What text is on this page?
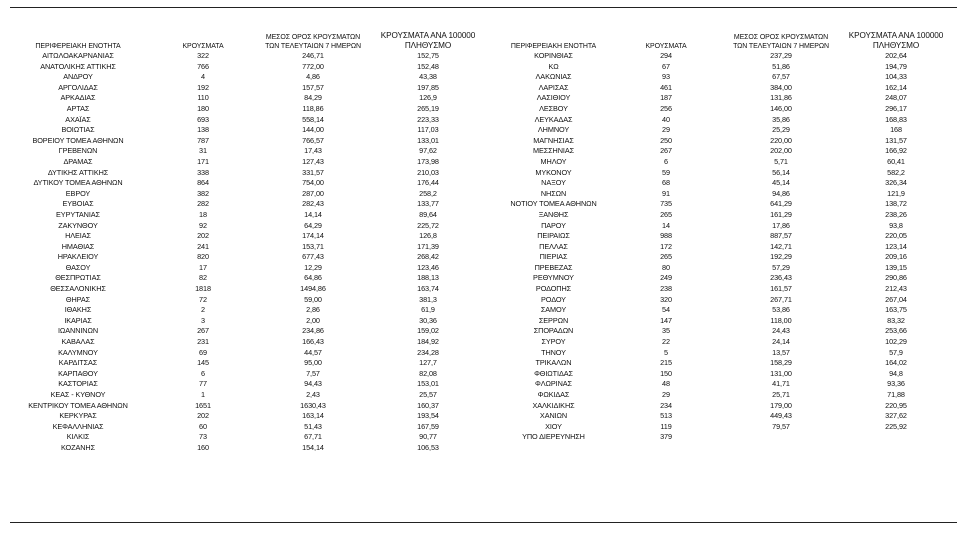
ΠΕΡΙΦΕΡΕΙΑΚΗ ΕΝΟΤΗΤΑ	ΚΡΟΥΣΜΑΤΑ
ΜΕΣΟΣ ΟΡΟΣ ΚΡΟΥΣΜΑΤΩΝ
ΤΩΝ ΤΕΛΕΥΤΑΙΩΝ 7 ΗΜΕΡΩΝ
ΚΡΟΥΣΜΑΤΑ ΑΝΑ 100000
ΠΛΗΘΥΣΜΟ
ΑΙΤΩΛΟΑΚΑΡΝΑΝΙΑΣ	322	246,71	152,75
ΑΝΑΤΟΛΙΚΗΣ ΑΤΤΙΚΗΣ	766	772,00	152,48
ΑΝΔΡΟΥ	4	4,86	43,38
ΑΡΓΟΛΙΔΑΣ	192	157,57	197,85
ΑΡΚΑΔΙΑΣ	110	84,29	126,9
ΑΡΤΑΣ	180	118,86	265,19
ΑΧΑΪΑΣ	693	558,14	223,33
ΒΟΙΩΤΙΑΣ	138	144,00	117,03
ΒΟΡΕΙΟΥ ΤΟΜΕΑ ΑΘΗΝΩΝ	787	766,57	133,01
ΓΡΕΒΕΝΩΝ	31	17,43	97,62
ΔΡΑΜΑΣ	171	127,43	173,98
ΔΥΤΙΚΗΣ ΑΤΤΙΚΗΣ	338	331,57	210,03
ΔΥΤΙΚΟΥ ΤΟΜΕΑ ΑΘΗΝΩΝ	864	754,00	176,44
ΕΒΡΟΥ	382	287,00	258,2
ΕΥΒΟΙΑΣ	282	282,43	133,77
ΕΥΡΥΤΑΝΙΑΣ	18	14,14	89,64
ΖΑΚΥΝΘΟΥ	92	64,29	225,72
ΗΛΕΙΑΣ	202	174,14	126,8
ΗΜΑΘΙΑΣ	241	153,71	171,39
ΗΡΑΚΛΕΙΟΥ	820	677,43	268,42
ΘΑΣΟΥ	17	12,29	123,46
ΘΕΣΠΡΩΤΙΑΣ	82	64,86	188,13
ΘΕΣΣΑΛΟΝΙΚΗΣ	1818	1494,86	163,74
ΘΗΡΑΣ	72	59,00	381,3
ΙΘΑΚΗΣ	2	2,86	61,9
ΙΚΑΡΙΑΣ	3	2,00	30,36
ΙΩΑΝΝΙΝΩΝ	267	234,86	159,02
ΚΑΒΑΛΑΣ	231	166,43	184,92
ΚΑΛΥΜΝΟΥ	69	44,57	234,28
ΚΑΡΔΙΤΣΑΣ	145	95,00	127,7
ΚΑΡΠΑΘΟΥ	6	7,57	82,08
ΚΑΣΤΟΡΙΑΣ	77	94,43	153,01
ΚΕΑΣ - ΚΥΘΝΟΥ	1	2,43	25,57
ΚΕΝΤΡΙΚΟΥ ΤΟΜΕΑ ΑΘΗΝΩΝ	1651	1630,43	160,37
ΚΕΡΚΥΡΑΣ	202	163,14	193,54
ΚΕΦΑΛΛΗΝΙΑΣ	60	51,43	167,59
ΚΙΛΚΙΣ	73	67,71	90,77
ΚΟΖΑΝΗΣ	160	154,14	106,53
ΠΕΡΙΦΕΡΕΙΑΚΗ ΕΝΟΤΗΤΑ	ΚΡΟΥΣΜΑΤΑ
ΜΕΣΟΣ ΟΡΟΣ ΚΡΟΥΣΜΑΤΩΝ
ΤΩΝ ΤΕΛΕΥΤΑΙΩΝ 7 ΗΜΕΡΩΝ
ΚΡΟΥΣΜΑΤΑ ΑΝΑ 100000
ΠΛΗΘΥΣΜΟ
ΚΟΡΙΝΘΙΑΣ	294	237,29	202,64
ΚΩ	67	51,86	194,79
ΛΑΚΩΝΙΑΣ	93	67,57	104,33
ΛΑΡΙΣΑΣ	461	384,00	162,14
ΛΑΣΙΘΙΟΥ	187	131,86	248,07
ΛΕΣΒΟΥ	256	146,00	296,17
ΛΕΥΚΑΔΑΣ	40	35,86	168,83
ΛΗΜΝΟΥ	29	25,29	168
ΜΑΓΝΗΣΙΑΣ	250	220,00	131,57
ΜΕΣΣΗΝΙΑΣ	267	202,00	166,92
ΜΗΛΟΥ	6	5,71	60,41
ΜΥΚΟΝΟΥ	59	56,14	582,2
ΝΑΞΟΥ	68	45,14	326,34
ΝΗΣΩΝ	91	94,86	121,9
ΝΟΤΙΟΥ ΤΟΜΕΑ ΑΘΗΝΩΝ	735	641,29	138,72
ΞΑΝΘΗΣ	265	161,29	238,26
ΠΑΡΟΥ	14	17,86	93,8
ΠΕΙΡΑΙΩΣ	988	887,57	220,05
ΠΕΛΛΑΣ	172	142,71	123,14
ΠΙΕΡΙΑΣ	265	192,29	209,16
ΠΡΕΒΕΖΑΣ	80	57,29	139,15
ΡΕΘΥΜΝΟΥ	249	236,43	290,86
ΡΟΔΟΠΗΣ	238	161,57	212,43
ΡΟΔΟΥ	320	267,71	267,04
ΣΑΜΟΥ	54	53,86	163,75
ΣΕΡΡΩΝ	147	118,00	83,32
ΣΠΟΡΑΔΩΝ	35	24,43	253,66
ΣΥΡΟΥ	22	24,14	102,29
ΤΗΝΟΥ	5	13,57	57,9
ΤΡΙΚΑΛΩΝ	215	158,29	164,02
ΦΘΙΩΤΙΔΑΣ	150	131,00	94,8
ΦΛΩΡΙΝΑΣ	48	41,71	93,36
ΦΩΚΙΔΑΣ	29	25,71	71,88
ΧΑΛΚΙΔΙΚΗΣ	234	179,00	220,95
ΧΑΝΙΩΝ	513	449,43	327,62
ΧΙΟΥ	119	79,57	225,92
ΥΠΟ ΔΙΕΡΕΥΝΗΣΗ	379
